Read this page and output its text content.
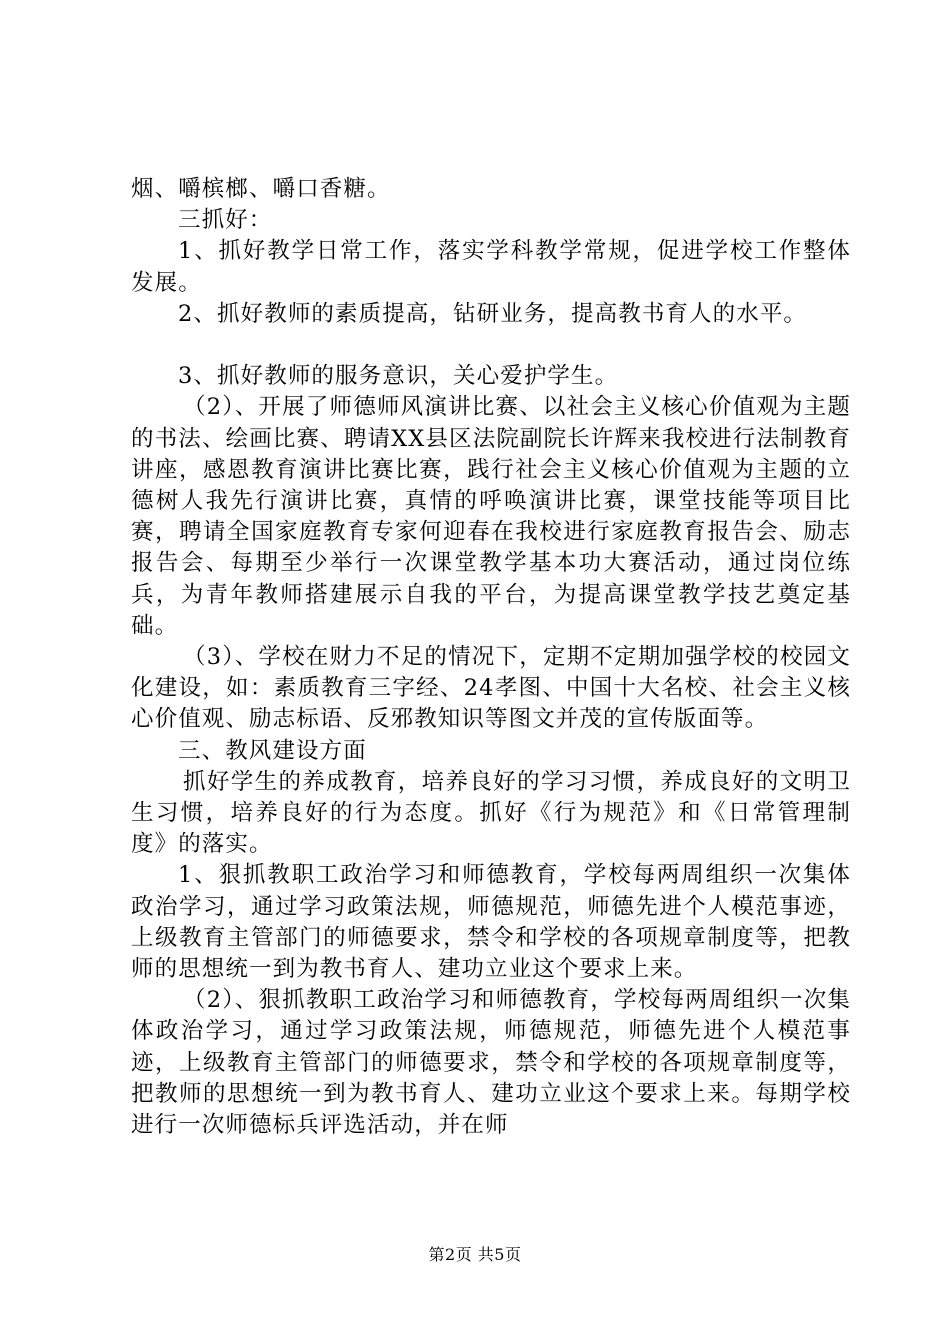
烟、嚼槟榔、嚼口香糖。

三抓好：

1、抓好教学日常工作，落实学科教学常规，促进学校工作整体发展。

2、抓好教师的素质提高，钻研业务，提高教书育人的水平。

3、抓好教师的服务意识，关心爱护学生。

（2）、开展了师德师风演讲比赛、以社会主义核心价值观为主题的书法、绘画比赛、聘请XX县区法院副院长许辉来我校进行法制教育讲座，感恩教育演讲比赛比赛，践行社会主义核心价值观为主题的立德树人我先行演讲比赛，真情的呼唤演讲比赛，课堂技能等项目比赛，聘请全国家庭教育专家何迎春在我校进行家庭教育报告会、励志报告会、每期至少举行一次课堂教学基本功大赛活动，通过岗位练兵，为青年教师搭建展示自我的平台，为提高课堂教学技艺奠定基础。

（3）、学校在财力不足的情况下，定期不定期加强学校的校园文化建设，如：素质教育三字经、24孝图、中国十大名校、社会主义核心价值观、励志标语、反邪教知识等图文并茂的宣传版面等。

三、教风建设方面

抓好学生的养成教育，培养良好的学习习惯，养成良好的文明卫生习惯，培养良好的行为态度。抓好《行为规范》和《日常管理制度》的落实。

1、狠抓教职工政治学习和师德教育，学校每两周组织一次集体政治学习，通过学习政策法规，师德规范，师德先进个人模范事迹，上级教育主管部门的师德要求，禁令和学校的各项规章制度等，把教师的思想统一到为教书育人、建功立业这个要求上来。

（2）、狠抓教职工政治学习和师德教育，学校每两周组织一次集体政治学习，通过学习政策法规，师德规范，师德先进个人模范事迹，上级教育主管部门的师德要求，禁令和学校的各项规章制度等，把教师的思想统一到为教书育人、建功立业这个要求上来。每期学校进行一次师德标兵评选活动，并在师

第2页 共5页
